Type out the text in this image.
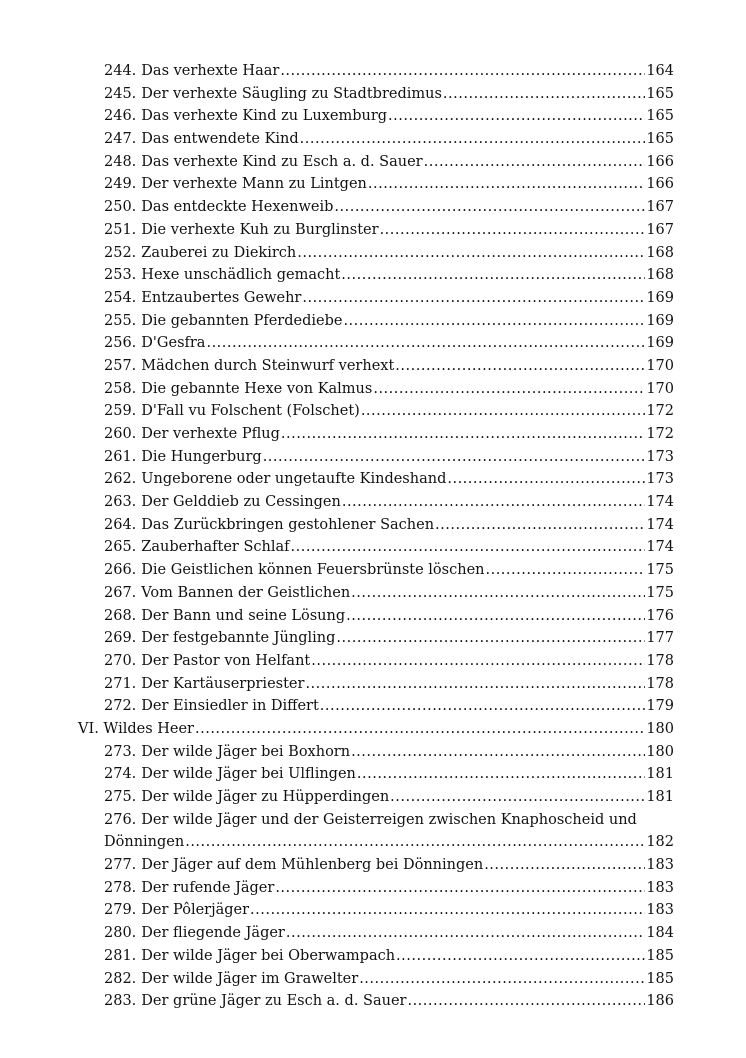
244. Das verhexte Haar .....	164
245. Der verhexte Säugling zu Stadtbredimus .....	165
246. Das verhexte Kind zu Luxemburg .....	165
247. Das entwendete Kind .....	165
248. Das verhexte Kind zu Esch a. d. Sauer .....	166
249. Der verhexte Mann zu Lintgen .....	166
250. Das entdeckte Hexenweib .....	167
251. Die verhexte Kuh zu Burglinster .....	167
252. Zauberei zu Diekirch .....	168
253. Hexe unschädlich gemacht .....	168
254. Entzaubertes Gewehr .....	169
255. Die gebannten Pferdediebe .....	169
256. D'Gesfra .....	169
257. Mädchen durch Steinwurf verhext .....	170
258. Die gebannte Hexe von Kalmus .....	170
259. D'Fall vu Folschent (Folschet) .....	172
260. Der verhexte Pflug .....	172
261. Die Hungerburg .....	173
262. Ungeborene oder ungetaufte Kindeshand .....	173
263. Der Gelddieb zu Cessingen .....	174
264. Das Zurückbringen gestohlener Sachen .....	174
265. Zauberhafter Schlaf .....	174
266. Die Geistlichen können Feuersbrünste löschen .....	175
267. Vom Bannen der Geistlichen .....	175
268. Der Bann und seine Lösung .....	176
269. Der festgebannte Jüngling .....	177
270. Der Pastor von Helfant .....	178
271. Der Kartäuserpriester .....	178
272. Der Einsiedler in Differt .....	179
VI. Wildes Heer .....	180
273. Der wilde Jäger bei Boxhorn .....	180
274. Der wilde Jäger bei Ulflingen .....	181
275. Der wilde Jäger zu Hüpperdingen .....	181
276. Der wilde Jäger und der Geisterreigen zwischen Knaphoscheid und
Dönningen .....	182
277. Der Jäger auf dem Mühlenberg bei Dönningen .....	183
278. Der rufende Jäger .....	183
279. Der Pôlerjäger .....	183
280. Der fliegende Jäger .....	184
281. Der wilde Jäger bei Oberwampach .....	185
282. Der wilde Jäger im Grawelter .....	185
283. Der grüne Jäger zu Esch a. d. Sauer .....	186
